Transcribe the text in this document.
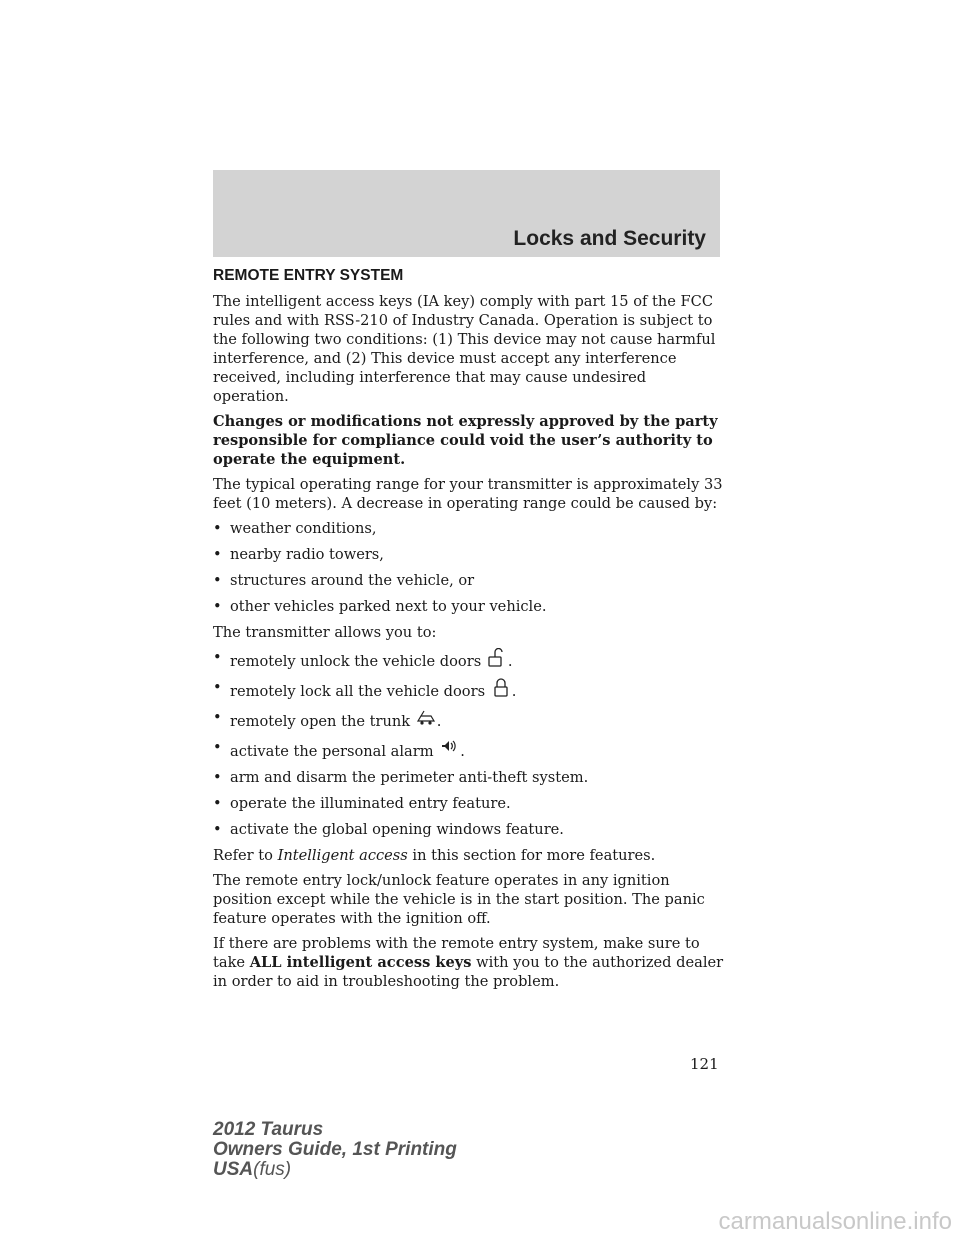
Locks and Security
REMOTE ENTRY SYSTEM

The intelligent access keys (IA key) comply with part 15 of the FCC rules and with RSS-210 of Industry Canada. Operation is subject to the following two conditions: (1) This device may not cause harmful interference, and (2) This device must accept any interference received, including interference that may cause undesired operation.

Changes or modifications not expressly approved by the party responsible for compliance could void the user’s authority to operate the equipment.

The typical operating range for your transmitter is approximately 33 feet (10 meters). A decrease in operating range could be caused by:

• weather conditions,
• nearby radio towers,
• structures around the vehicle, or
• other vehicles parked next to your vehicle.

The transmitter allows you to:

• remotely unlock the vehicle doors .
• remotely lock all the vehicle doors .
• remotely open the trunk .
• activate the personal alarm .
• arm and disarm the perimeter anti-theft system.
• operate the illuminated entry feature.
• activate the global opening windows feature.

Refer to Intelligent access in this section for more features.

The remote entry lock/unlock feature operates in any ignition position except while the vehicle is in the start position. The panic feature operates with the ignition off.

If there are problems with the remote entry system, make sure to take ALL intelligent access keys with you to the authorized dealer in order to aid in troubleshooting the problem.

121
2012 Taurus
Owners Guide, 1st Printing
USA(fus)
carmanualsonline.info
